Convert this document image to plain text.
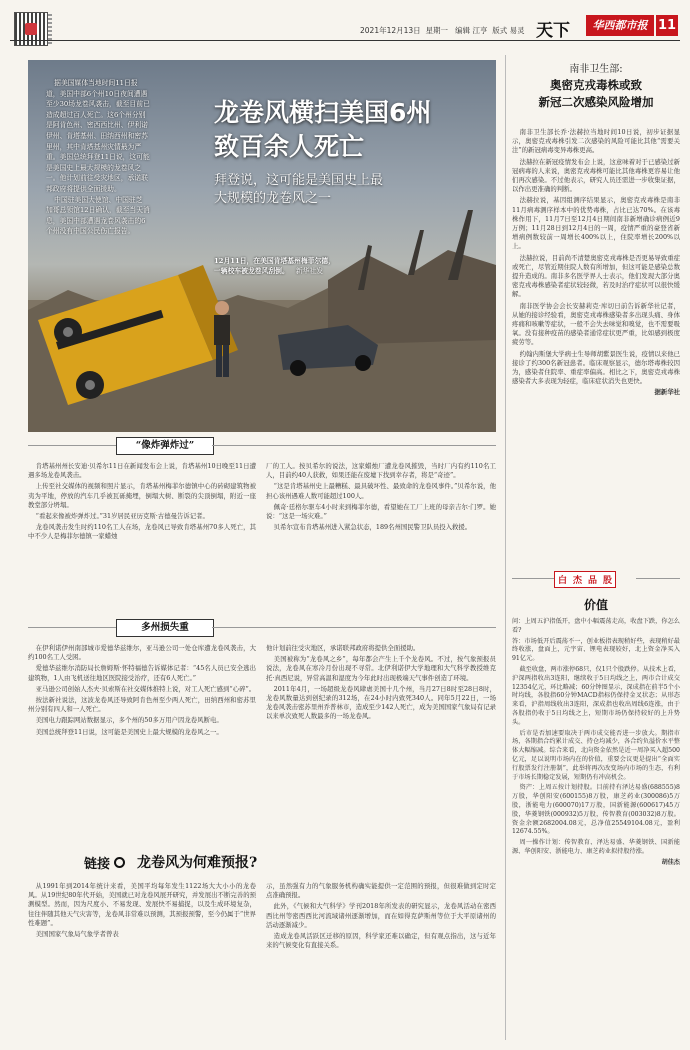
2021年12月13日 星期一 编辑 江亨 版式 易灵 天下	华西都市报 11
据美国媒体当地时间11日报
道，美国中部6个州10日夜间遭遇
至少30场龙卷风袭击，截至目前已
造成超过百人死亡。这6个州分别
是阿肯色州、密西西比州、伊利诺
伊州、肯塔基州、田纳西州和密苏
里州，其中肯塔基州灾情最为严
重。美国总统拜登11日说，这可能
是美国史上最大规模的龙卷风之
一。他计划前往受灾地区，承诺联
邦政府将提供全面援助。
中国驻美国大使馆、中国驻芝
加哥总领馆12日确认，截至当天消
息，美国中部遭遇龙卷风袭击的6
个州没有中国公民伤亡报告。
龙卷风横扫美国6州
致百余人死亡
拜登说，这可能是美国史上最
大规模的龙卷风之一
12月11日，在美国肯塔基州梅菲尔德，
一辆校车被龙卷风刮倒。 新华社发
“像炸弹炸过”

肯塔基州州长安迪·贝希尔11日在新闻发布会上说，肯塔基州10日晚至11日遭遇多场龙卷风袭击。

上传至社交媒体的视频和照片显示，肯塔基州梅菲尔德镇中心的砖砌建筑物被夷为平地，停放的汽车几乎被瓦砾掩埋，倒塌大树、断裂的尖顶倒塌，附近一座教堂部分坍塌。

“看起来像被炸弹炸过。”31岁居民亚历克斯·古德曼告诉记者。

龙卷风袭击发生时约110名工人在场，龙卷风已导致肯塔基州70多人死亡，其中不少人是梅菲尔德镇一家蜡烛

厂的工人。按贝希尔的说法，这家蜡烛厂遭龙卷风摧毁，当时厂内有约110名工人，目前约40人获救，如果还能在废墟下找到幸存者，将是“奇迹”。

“这是肯塔基州史上最糟糕、最具破坏性、最致命的龙卷风事件。”贝希尔说，他担心该州遇难人数可能超过100人。

佩奇·廷格尔驱车4小时来到梅菲尔德，看望她在工厂上班的母亲吉尔·门罗。她说：“这是一场灾难。”

贝希尔宣布肯塔基州进入紧急状态，189名州国民警卫队员投入救援。

多州损失重

在伊利诺伊州南部城市爱德华兹维尔，亚马逊公司一处仓库遭龙卷风袭击，大约100名工人受困。

爱德华兹维尔消防局长詹姆斯·怀特福德告诉媒体记者：“45名人员已安全逃出建筑物，1人由飞机送往地区医院接受治疗，还有6人死亡。”

亚马逊公司创始人杰夫·贝索斯在社交媒体推特上说，对工人死亡感到“心碎”。

按法新社说法，这波龙卷风还导致阿肯色州至少两人死亡，田纳西州和密苏里州分别有四人和一人死亡。

美国电力跟踪网站数据显示，多个州的50多万用户因龙卷风断电。

美国总统拜登11日说，这可能是美国史上最大规模的龙卷风之一。

他计划前往受灾地区，承诺联邦政府将提供全面援助。

美国被称为“龙卷风之乡”，每年都会产生上千个龙卷风。不过，按气象预报员说法，龙卷风在寒冷月份出现不寻常。北伊利诺伊大学地理和大气科学教授维克托·真西尼说，异常高温和湿度为今年此时出现极端天气事件创造了环境。

2011年4月，一场超级龙卷风肆虐美国十几个州，当月27日8时至28日8时，龙卷风数量达到创纪录的312场，在24小时内致死340人。同年5月22日，一场龙卷风袭击密苏里州乔普林市，造成至少142人死亡，成为美国国家气象局有记录以来单次致死人数最多的一场龙卷风。

链接 龙卷风为何难预报?

从1991年到2014年统计来看，美国平均每年发生1122场大大小小的龙卷风。从19世纪80年代开始，美国就已对龙卷风展开研究，并发展出不断完善的预测模型。然而，因为尺度小、不易发现、发展快不易捕捉，以及生成环境复杂，往往伴随其他天气灾害等，龙卷风非常难以预测，其预报预警，至今仍属于“世界性难题”。

美国国家气象局气象学者曾表

示，虽然强有力的气象服务机构确实能提供一定范围的预报，但很难做到定时定点准确预报。

此外，《气候和大气科学》学刊2018年所发表的研究显示，龙卷风活动在密西西比州等密西西比河流域诸州逐渐增加，而在如得克萨斯州等位于大平原诸州的活动逐渐减少。

造成龙卷风活跃区迁移的原因，科学家还难以确定，但有观点指出，这与近年来的气候变化有直接关系。

南非卫生部:
奥密克戎毒株或致
新冠二次感染风险增加

南非卫生部长乔·法赫拉当地时间10日说，初步证据显示，奥密克戎毒株引发二次感染的风险可能比其他“需要关注”的新冠病毒变异毒株更高。

法赫拉在新冠疫情发布会上说，这意味着对于已感染过新冠病毒的人来说，奥密克戎毒株可能比其他毒株更容易让他们再次感染。不过他表示，研究人员还需进一步收集证据，以作出更准确的判断。

法赫拉说，基因组测序结果显示，奥密克戎毒株是南非11月病毒测序样本中的优势毒株，占比已达70%。在该毒株作用下，11月7日至12月4日期间南非新增确诊病例近9万例；11月28日到12月4日的一周，疫情严重的豪登省新增病例数较前一周增长400%以上，住院率增长200%以上。

法赫拉说，目前尚不清楚奥密克戎毒株是否更易导致重症或死亡，尽管近期住院人数有所增加，但这可能是感染总数提升造成的。南非多名医学界人士表示，他们发现大部分奥密克戎毒株感染者症状较轻微，若及时治疗症状可以很快缓解。

南非医学协会会长安赫莉克·库切日前告诉新华社记者，从她的接诊经验看，奥密克戎毒株感染者多出现头痛、身体疼痛和咳嗽等症状，一般不会失去味觉和嗅觉，也不需要吸氧。没有接种疫苗的感染者通常症状更严重，比如感到极度疲劳等。

约翰内斯堡大学病士生导师胡紫景医生说，疫情以来他已接诊了约300名新冠患者。临床观察显示，德尔塔毒株较因为，感染者住院率、重症率偏高。相比之下，奥密克戎毒株感染者大多表现为轻症，临床症状消失也更快。

据新华社

白 杰 品 股
价值

问：上周五沪指低开，盘中小幅震荡走高，收盘下跌，你怎么看?

答：市场低开后震荡不一，创业板指表现稍好些，表现稍好最终收涨，盘面上，元宇宙、锂电表现较好，北上资金净买入91亿元。

截至收盘，两市涨停68只，仅1只个股跌停。从技术上看，沪深两指收出3连阳，继续收于5日均线之上，两市合计成交12354亿元，环比略减；60分钟图显示，深成指在前半5个小时均线，各股指60分钟MACD指标仍保持金叉状态；从形态来看，沪指周线收出3连阳，深成指也收出周线6连涨，由于各股指仍收于5日均线之上，短期市场仍保持较好的上升势头。

后市是否加速要取决于两市成交能否进一步放大。期指市场，各期指合约累计成交、持仓均减少，各合约负溢价水平整体大幅缩减。综合来看，北向资金依然是近一周净买入超500亿元，足以说明市场内在的价值，重要会议更是提出“全面实行股票发行注册制”，此举将再次改变场内市场的生态，有利于市场长期稳定发展，短期仍有冲高机会。

资产：上周五按计划持股。目前持有泽达易盛(688555)8万股，华创阳安(600155)8万股，康芝药业(300086)5万股，浙能电力(600070)17万股，国新能源(600617)45万股，华菱钢铁(000932)5万股，传智教育(003032)8万股。资金余额2682004.08元，总净值25549104.08元，盈利12674.55%。

周一操作计划：传智教育、泽达易盛、华菱钢铁、国新能源、华创阳安、浙能电力、康芝药业拟持股待涨。

胡佳杰
